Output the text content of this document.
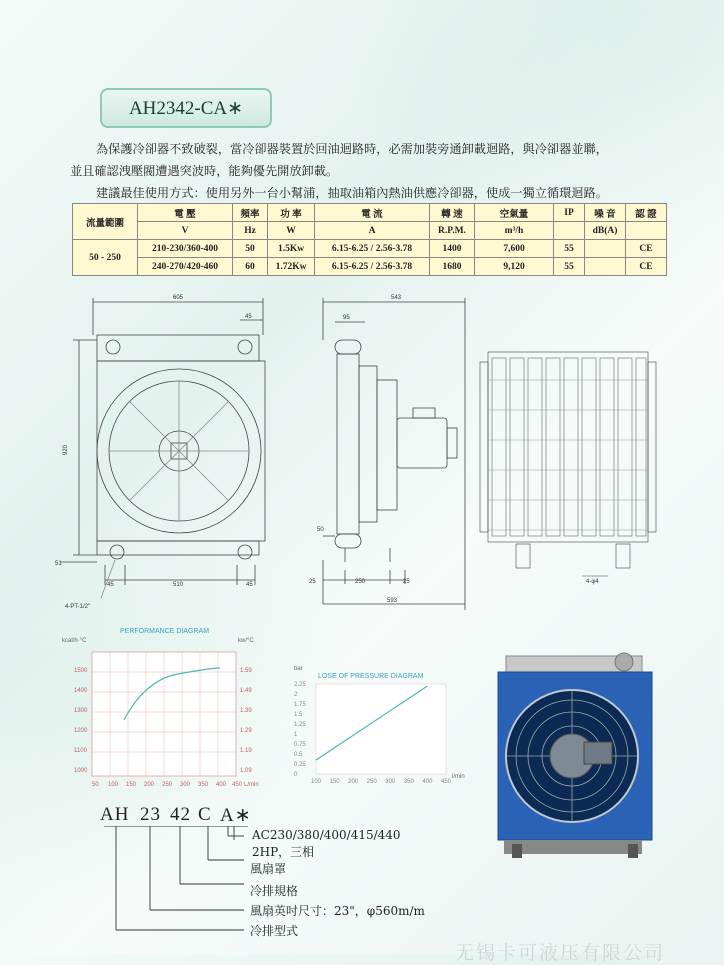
AH2342-CA∗

為保護冷卻器不致破裂，當冷卻器裝置於回油迴路時，必需加裝旁通卸載迴路，與冷卻器並聯，

並且確認洩壓閥遭遇突波時，能夠優先開放卸載。

建議最佳使用方式：使用另外一台小幫浦，抽取油箱內熱油供應冷卻器，使成一獨立循環迴路。

流量範圍	電 壓	頻率	功 率	電 流	轉 速	空氣量	IP	噪 音	認 證
	V	Hz	W	A	R.P.M.	m³/h		dB(A)	
50 - 250	210-230/360-400	50	1.5Kw	6.15-6.25 / 2.56-3.78	1400	7,600	55		CE
	240-270/420-460	60	1.72Kw	6.15-6.25 / 2.56-3.78	1680	9,120	55		CE
605
45
920
45	510	45
51
4-PT-1/2"
543
95
50
25	250	25
593
4-φ4
PERFORMANCE DIAGRAM
kcal/h·°C	kw/°C
1500
1400
1300
1200
1100
1000
1.59
1.49
1.39
1.29
1.19
1.09
50 100 150 200 250 300 350 400 450 L/min
LOSE OF PRESSURE DIAGRAM
bar
l/min
2.25
2
1.75
1.5
1.25
1
0.75
0.5
0.25
0
100 150 200 250 300 350 400 450
AH 23 42 C A∗
AC230/380/400/415/440
2HP，三相
風扇罩
冷排規格
風扇英吋尺寸：23"，φ560m/m
冷排型式
无锡卡可液压有限公司
